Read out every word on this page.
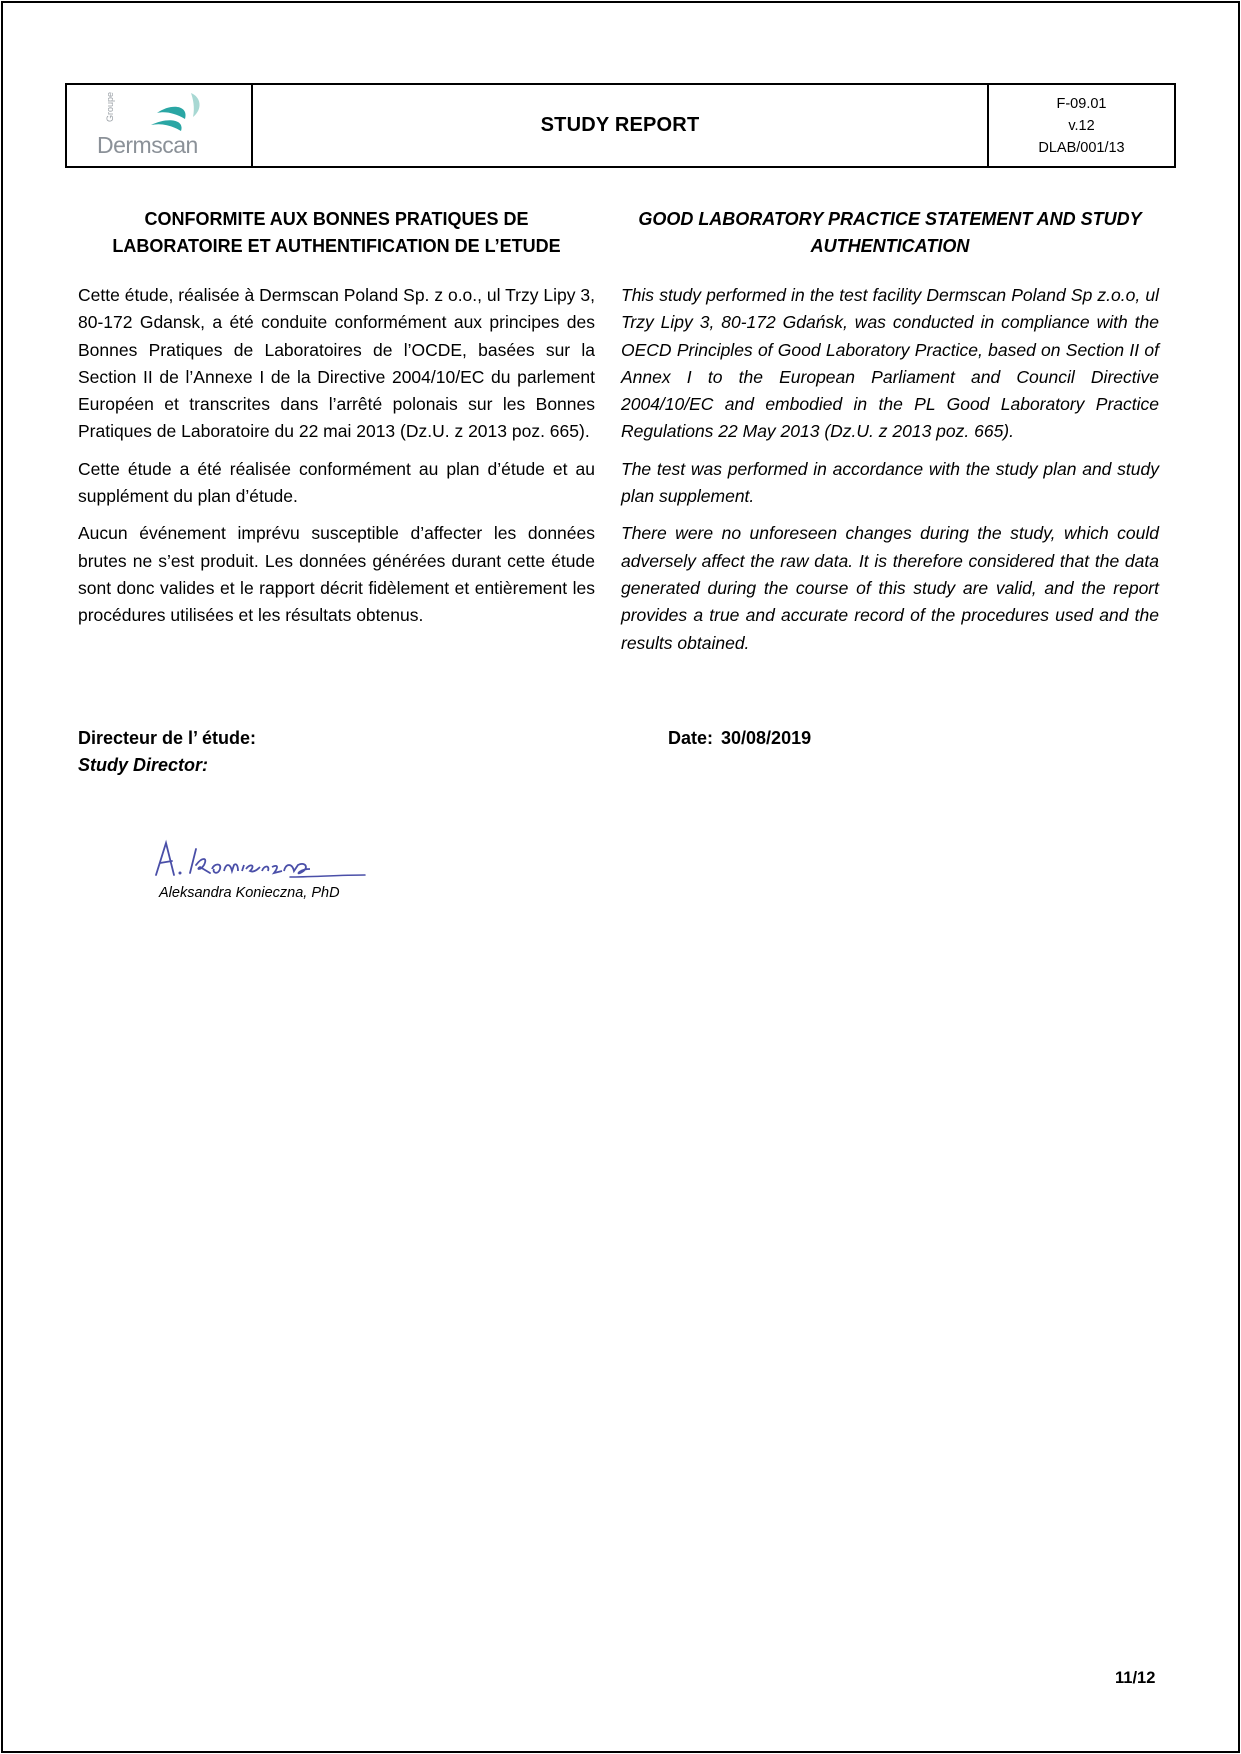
Groupe
Dermscan
STUDY REPORT
F-09.01
v.12
DLAB/001/13
CONFORMITE AUX BONNES PRATIQUES DE LABORATOIRE ET AUTHENTIFICATION DE L’ETUDE

Cette étude, réalisée à Dermscan Poland Sp. z o.o., ul Trzy Lipy 3, 80-172 Gdansk, a été conduite conformément aux principes des Bonnes Pratiques de Laboratoires de l’OCDE, basées sur la Section II de l’Annexe I de la Directive 2004/10/EC du parlement Européen et transcrites dans l’arrêté polonais sur les Bonnes Pratiques de Laboratoire du 22 mai 2013 (Dz.U. z 2013 poz. 665).

Cette étude a été réalisée conformément au plan d’étude et au supplément du plan d’étude.

Aucun événement imprévu susceptible d’affecter les données brutes ne s’est produit. Les données générées durant cette étude sont donc valides et le rapport décrit fidèlement et entièrement les procédures utilisées et les résultats obtenus.

GOOD LABORATORY PRACTICE STATEMENT AND STUDY AUTHENTICATION

This study performed in the test facility Dermscan Poland Sp z.o.o, ul Trzy Lipy 3, 80-172 Gdańsk, was conducted in compliance with the OECD Principles of Good Laboratory Practice, based on Section II of Annex I to the European Parliament and Council Directive 2004/10/EC and embodied in the PL Good Laboratory Practice Regulations 22 May 2013 (Dz.U. z 2013 poz. 665).

The test was performed in accordance with the study plan and study plan supplement.

There were no unforeseen changes during the study, which could adversely affect the raw data. It is therefore considered that the data generated during the course of this study are valid, and the report provides a true and accurate record of the procedures used and the results obtained.

Directeur de l’ étude:
Study Director:
Date: 30/08/2019
Aleksandra Konieczna, PhD
11/12
